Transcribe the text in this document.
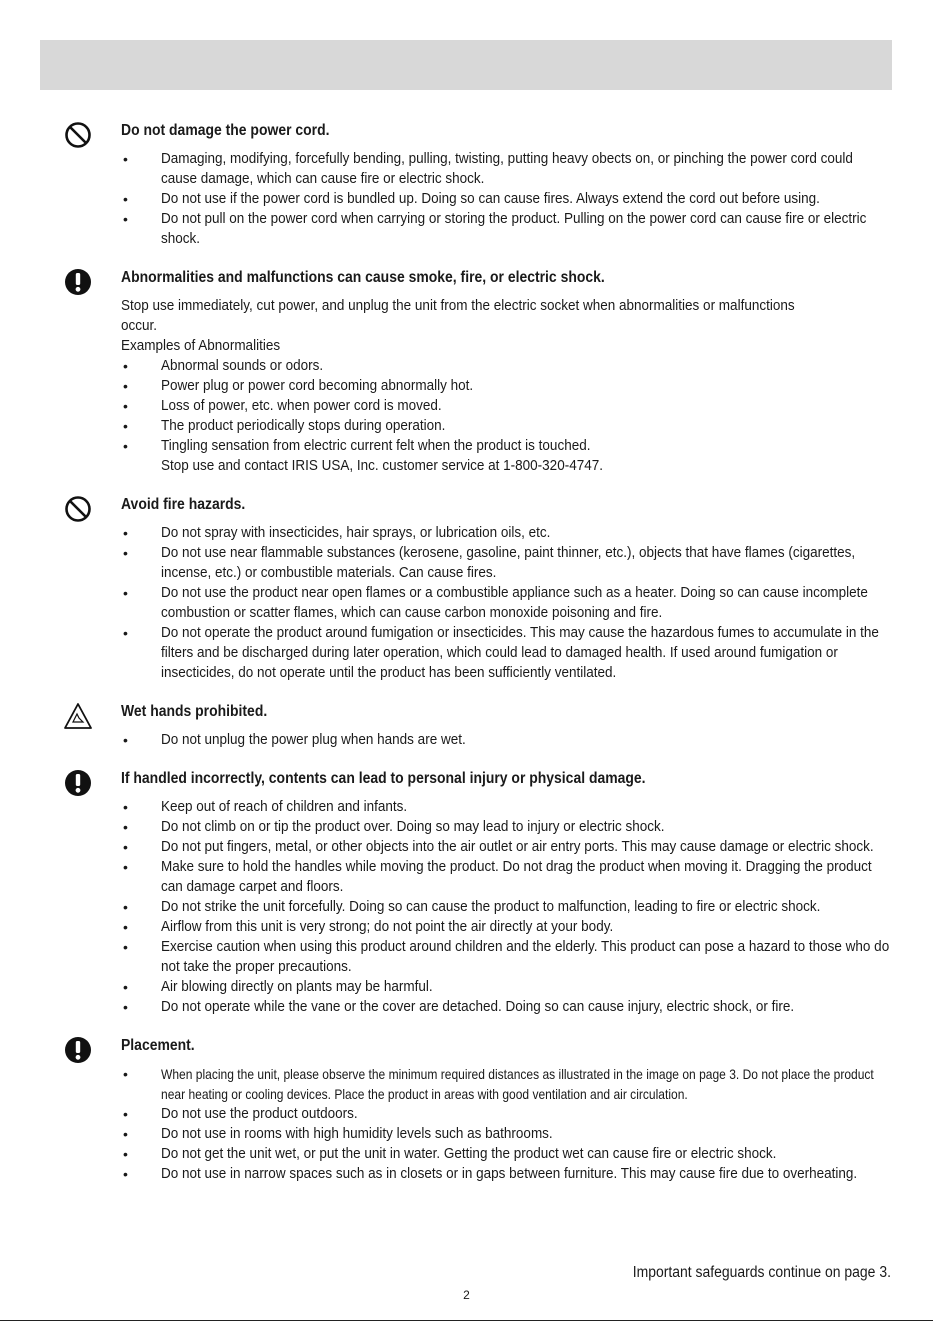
Do not damage the power cord.
• Damaging, modifying, forcefully bending, pulling, twisting, putting heavy obects on, or pinching the power cord could cause damage, which can cause fire or electric shock.
• Do not use if the power cord is bundled up. Doing so can cause fires. Always extend the cord out before using.
• Do not pull on the power cord when carrying or storing the product. Pulling on the power cord can cause fire or electric shock.
Abnormalities and malfunctions can cause smoke, fire, or electric shock.
Stop use immediately, cut power, and unplug the unit from the electric socket when abnormalities or malfunctions occur.
Examples of Abnormalities
• Abnormal sounds or odors.
• Power plug or power cord becoming abnormally hot.
• Loss of power, etc. when power cord is moved.
• The product periodically stops during operation.
• Tingling sensation from electric current felt when the product is touched.
Stop use and contact IRIS USA, Inc. customer service at 1-800-320-4747.
Avoid fire hazards.
• Do not spray with insecticides, hair sprays, or lubrication oils, etc.
• Do not use near flammable substances (kerosene, gasoline, paint thinner, etc.), objects that have flames (cigarettes, incense, etc.) or combustible materials. Can cause fires.
• Do not use the product near open flames or a combustible appliance such as a heater. Doing so can cause incomplete combustion or scatter flames, which can cause carbon monoxide poisoning and fire.
• Do not operate the product around fumigation or insecticides. This may cause the hazardous fumes to accumulate in the filters and be discharged during later operation, which could lead to damaged health. If used around fumigation or insecticides, do not operate until the product has been sufficiently ventilated.
Wet hands prohibited.
• Do not unplug the power plug when hands are wet.
If handled incorrectly, contents can lead to personal injury or physical damage.
• Keep out of reach of children and infants.
• Do not climb on or tip the product over. Doing so may lead to injury or electric shock.
• Do not put fingers, metal, or other objects into the air outlet or air entry ports. This may cause damage or electric shock.
• Make sure to hold the handles while moving the product. Do not drag the product when moving it. Dragging the product can damage carpet and floors.
• Do not strike the unit forcefully. Doing so can cause the product to malfunction, leading to fire or electric shock.
• Airflow from this unit is very strong; do not point the air directly at your body.
• Exercise caution when using this product around children and the elderly. This product can pose a hazard to those who do not take the proper precautions.
• Air blowing directly on plants may be harmful.
• Do not operate while the vane or the cover are detached. Doing so can cause injury, electric shock, or fire.
Placement.
• When placing the unit, please observe the minimum required distances as illustrated in the image on page 3. Do not place the product near heating or cooling devices. Place the product in areas with good ventilation and air circulation.
• Do not use the product outdoors.
• Do not use in rooms with high humidity levels such as bathrooms.
• Do not get the unit wet, or put the unit in water. Getting the product wet can cause fire or electric shock.
• Do not use in narrow spaces such as in closets or in gaps between furniture. This may cause fire due to overheating.
Important safeguards continue on page 3.
2
